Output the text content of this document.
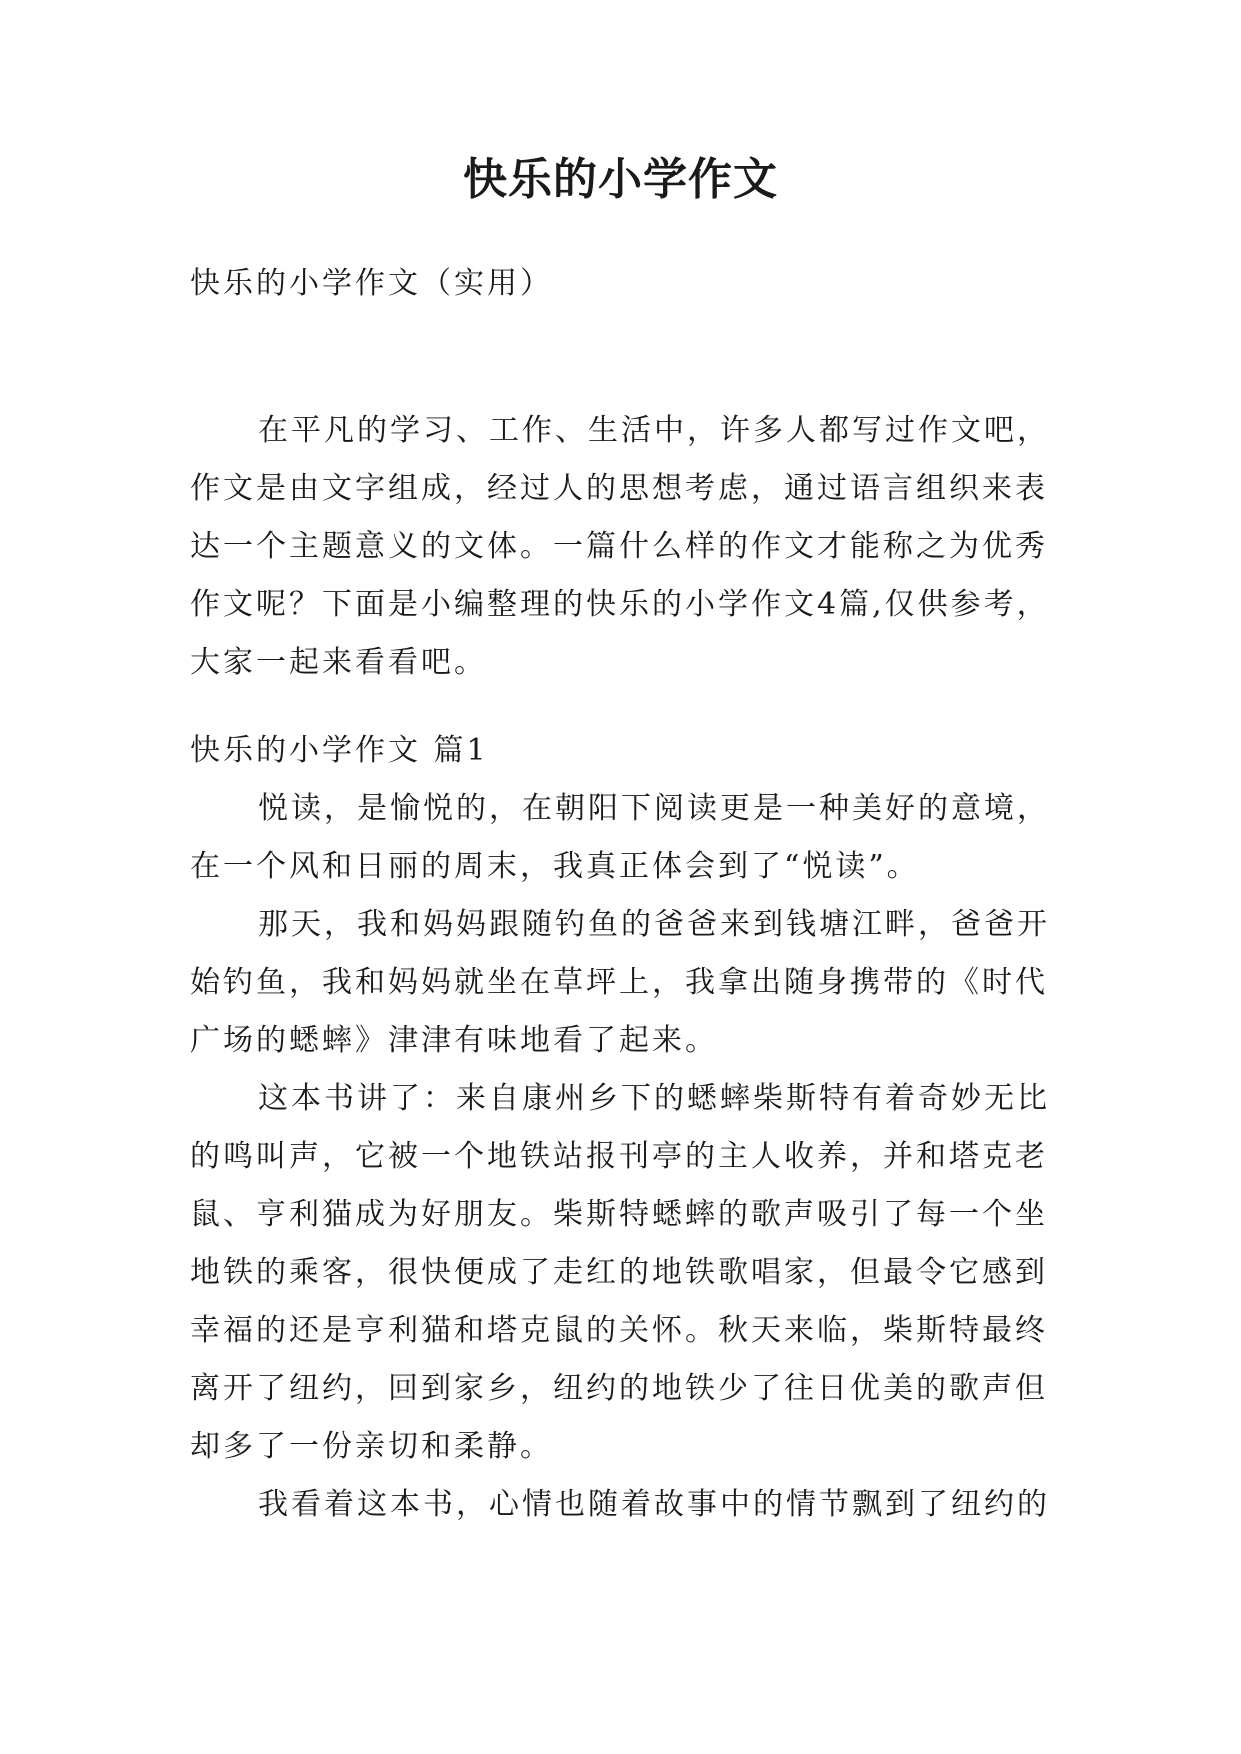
快乐的小学作文

快乐的小学作文（实用）

在平凡的学习、工作、生活中，许多人都写过作文吧，作文是由文字组成，经过人的思想考虑，通过语言组织来表达一个主题意义的文体。一篇什么样的作文才能称之为优秀作文呢？下面是小编整理的快乐的小学作文4篇,仅供参考，大家一起来看看吧。

快乐的小学作文 篇1

悦读，是愉悦的，在朝阳下阅读更是一种美好的意境，在一个风和日丽的周末，我真正体会到了“悦读”。

那天，我和妈妈跟随钓鱼的爸爸来到钱塘江畔，爸爸开始钓鱼，我和妈妈就坐在草坪上，我拿出随身携带的《时代广场的蟋蟀》津津有味地看了起来。

这本书讲了：来自康州乡下的蟋蟀柴斯特有着奇妙无比的鸣叫声，它被一个地铁站报刊亭的主人收养，并和塔克老鼠、亨利猫成为好朋友。柴斯特蟋蟀的歌声吸引了每一个坐地铁的乘客，很快便成了走红的地铁歌唱家，但最令它感到幸福的还是亨利猫和塔克鼠的关怀。秋天来临，柴斯特最终离开了纽约，回到家乡，纽约的地铁少了往日优美的歌声但却多了一份亲切和柔静。

我看着这本书，心情也随着故事中的情节飘到了纽约的
